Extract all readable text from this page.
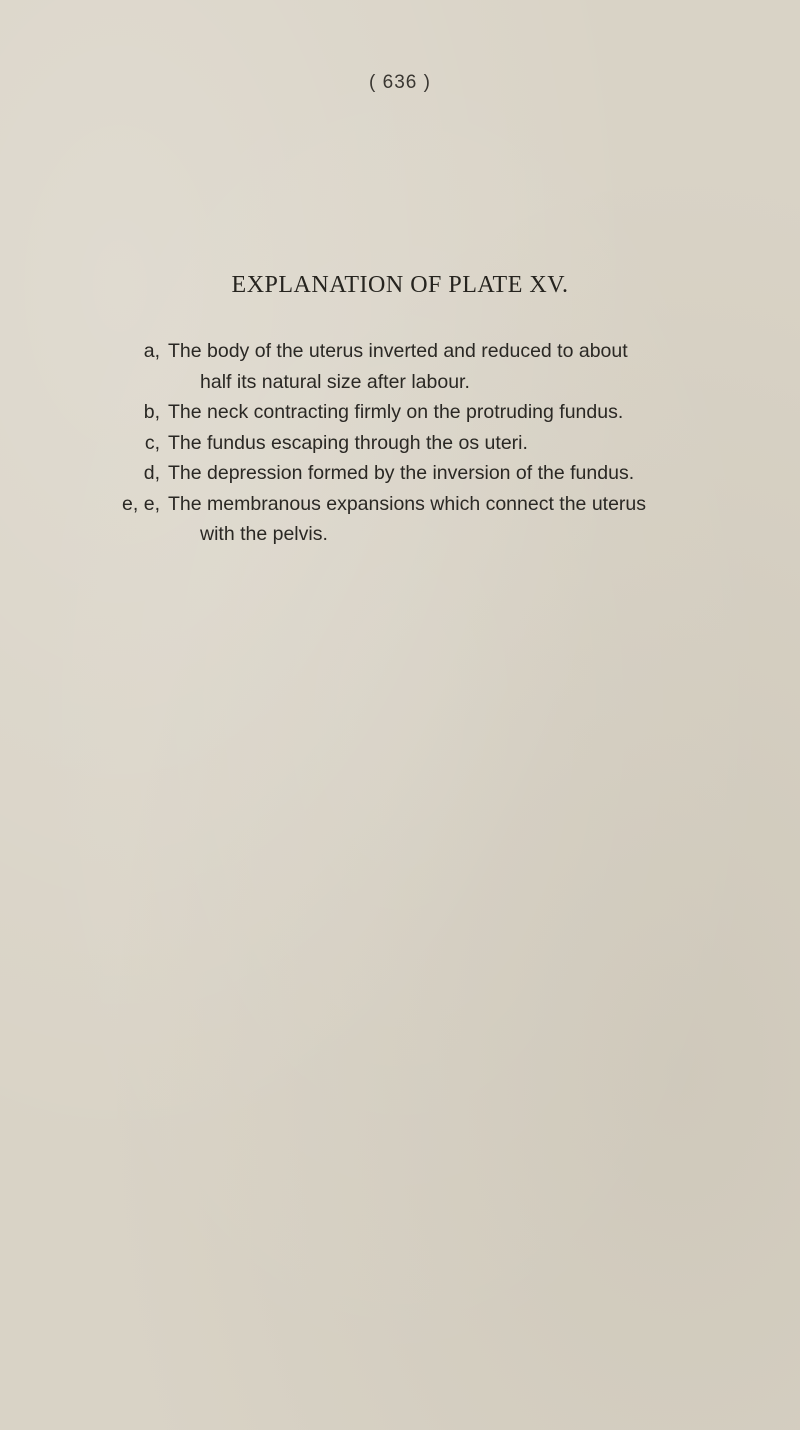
( 636 )
EXPLANATION OF PLATE XV.
a, The body of the uterus inverted and reduced to about
half its natural size after labour.
b, The neck contracting firmly on the protruding fundus.
c, The fundus escaping through the os uteri.
d, The depression formed by the inversion of the fundus.
e, e, The membranous expansions which connect the uterus
with the pelvis.
